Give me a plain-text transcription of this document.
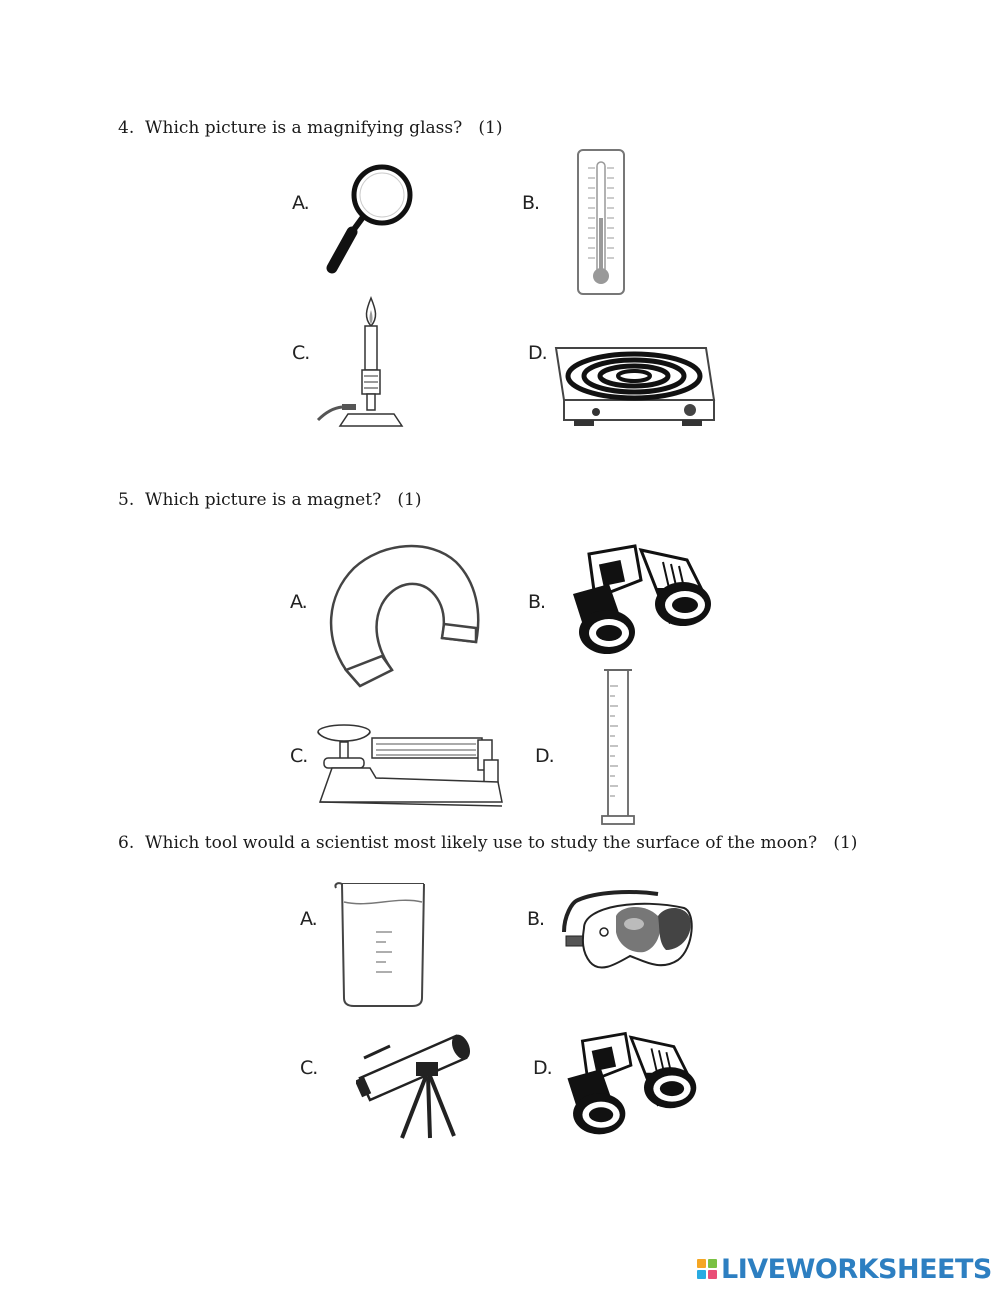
4. Which picture is a magnifying glass? (1)
A.	B.
C.	D.
5. Which picture is a magnet? (1)
A.	B.
C.	D.
6. Which tool would a scientist most likely use to study the surface of the moon? (1)
A.	B.
C.	D.
LIVEWORKSHEETS
